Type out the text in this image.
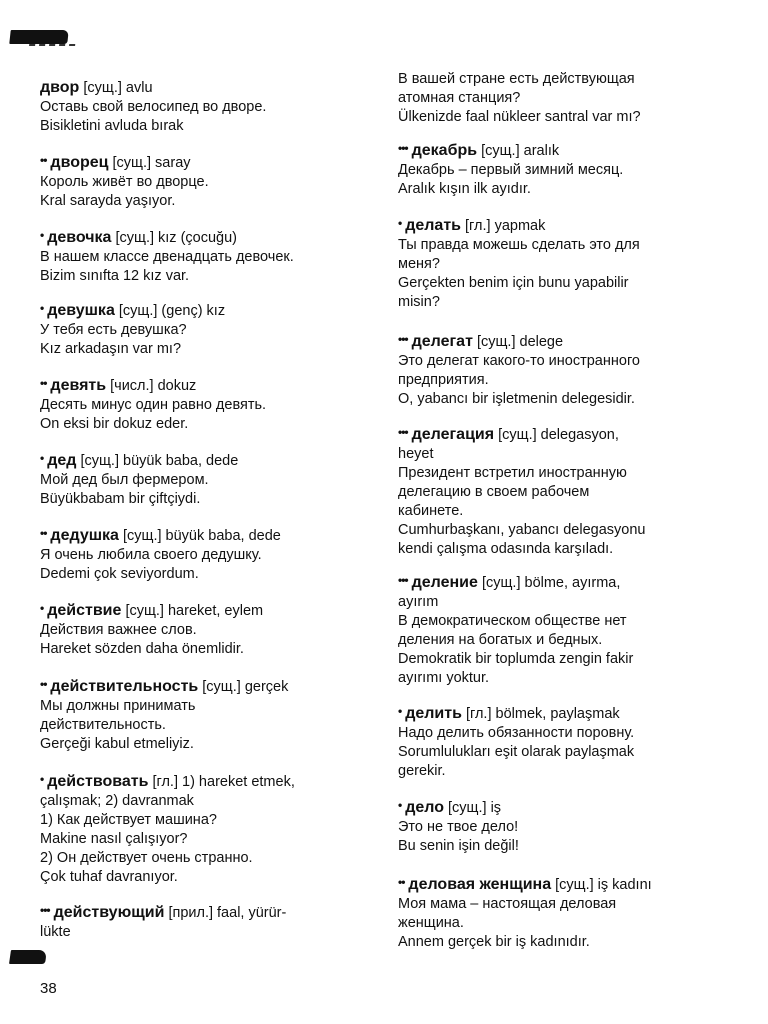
двор [сущ.] avlu
Оставь свой велосипед во дворе.
Bisikletini avluda bırak
•• дворец [сущ.] saray
Король живёт во дворце.
Kral sarayda yaşıyor.
• девочка [сущ.] kız (çocuğu)
В нашем классе двенадцать девочек.
Bizim sınıfta 12 kız var.
• девушка [сущ.] (genç) kız
У тебя есть девушка?
Kız arkadaşın var mı?
•• девять [числ.] dokuz
Десять минус один равно девять.
On eksi bir dokuz eder.
• дед [сущ.] büyük baba, dede
Мой дед был фермером.
Büyükbabam bir çiftçiydi.
•• дедушка [сущ.] büyük baba, dede
Я очень любила своего дедушку.
Dedemi çok seviyordum.
• действие [сущ.] hareket, eylem
Действия важнее слов.
Hareket sözden daha önemlidir.
•• действительность [сущ.] gerçek
Мы должны принимать
действительность.
Gerçeği kabul etmeliyiz.
• действовать [гл.] 1) hareket etmek,
çalışmak; 2) davranmak
1) Как действует машина?
Makine nasıl çalışıyor?
2) Он действует очень странно.
Çok tuhaf davranıyor.
••• действующий [прил.] faal, yürür-
lükte
В вашей стране есть действующая
атомная станция?
Ülkenizde faal nükleer santral var mı?
••• декабрь [сущ.] aralık
Декабрь – первый зимний месяц.
Aralık kışın ilk ayıdır.
• делать [гл.] yapmak
Ты правда можешь сделать это для
меня?
Gerçekten benim için bunu yapabilir
misin?
••• делегат [сущ.] delege
Это делегат какого-то иностранного
предприятия.
O, yabancı bir işletmenin delegesidir.
••• делегация [сущ.] delegasyon,
heyet
Президент встретил иностранную
делегацию в своем рабочем
кабинете.
Cumhurbaşkanı, yabancı delegasyonu
kendi çalışma odasında karşıladı.
••• деление [сущ.] bölme, ayırma,
ayırım
В демократическом обществе нет
деления на богатых и бедных.
Demokratik bir toplumda zengin fakir
ayırımı yoktur.
• делить [гл.] bölmek, paylaşmak
Надо делить обязанности поровну.
Sorumlulukları eşit olarak paylaşmak
gerekir.
• дело [сущ.] iş
Это не твое дело!
Bu senin işin değil!
•• деловая женщина [сущ.] iş kadını
Моя мама – настоящая деловая
женщина.
Annem gerçek bir iş kadınıdır.
38
